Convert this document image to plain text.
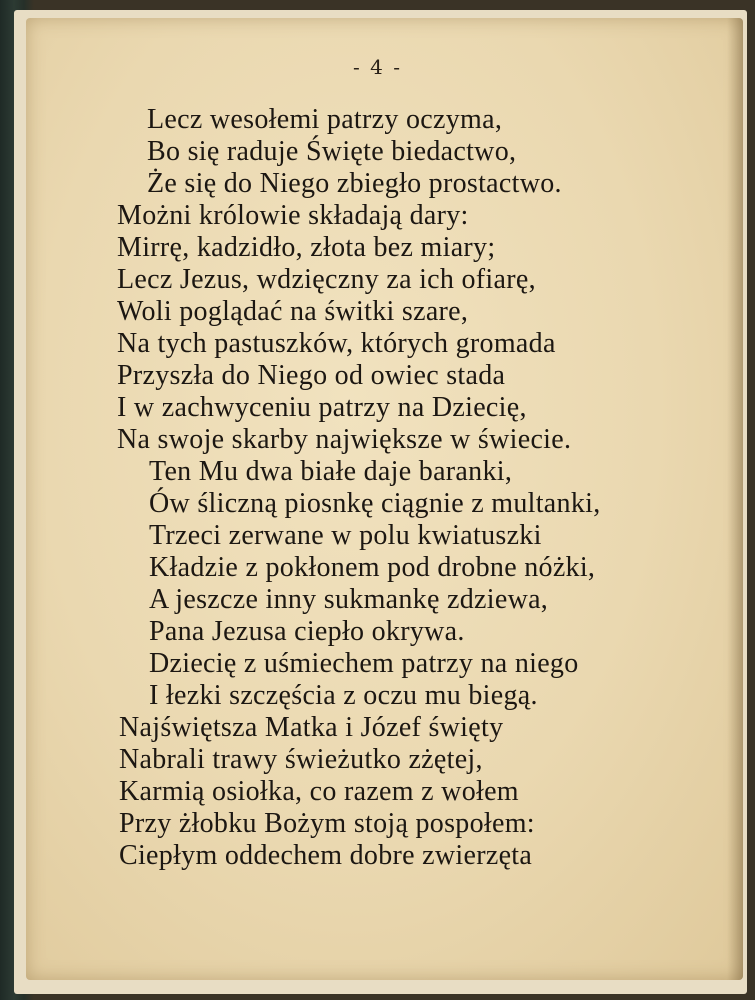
- 4 -
Lecz wesołemi patrzy oczyma,
Bo się raduje Święte biedactwo,
Że się do Niego zbiegło prostactwo.
Możni królowie składają dary:
Mirrę, kadzidło, złota bez miary;
Lecz Jezus, wdzięczny za ich ofiarę,
Woli poglądać na świtki szare,
Na tych pastuszków, których gromada
Przyszła do Niego od owiec stada
I w zachwyceniu patrzy na Dziecię,
Na swoje skarby największe w świecie.
Ten Mu dwa białe daje baranki,
Ów śliczną piosnkę ciągnie z multanki,
Trzeci zerwane w polu kwiatuszki
Kładzie z pokłonem pod drobne nóżki,
A jeszcze inny sukmankę zdziewa,
Pana Jezusa ciepło okrywa.
Dziecię z uśmiechem patrzy na niego
I łezki szczęścia z oczu mu biegą.
Najświętsza Matka i Józef święty
Nabrali trawy świeżutko zżętej,
Karmią osiołka, co razem z wołem
Przy żłobku Bożym stoją pospołem:
Ciepłym oddechem dobre zwierzęta
